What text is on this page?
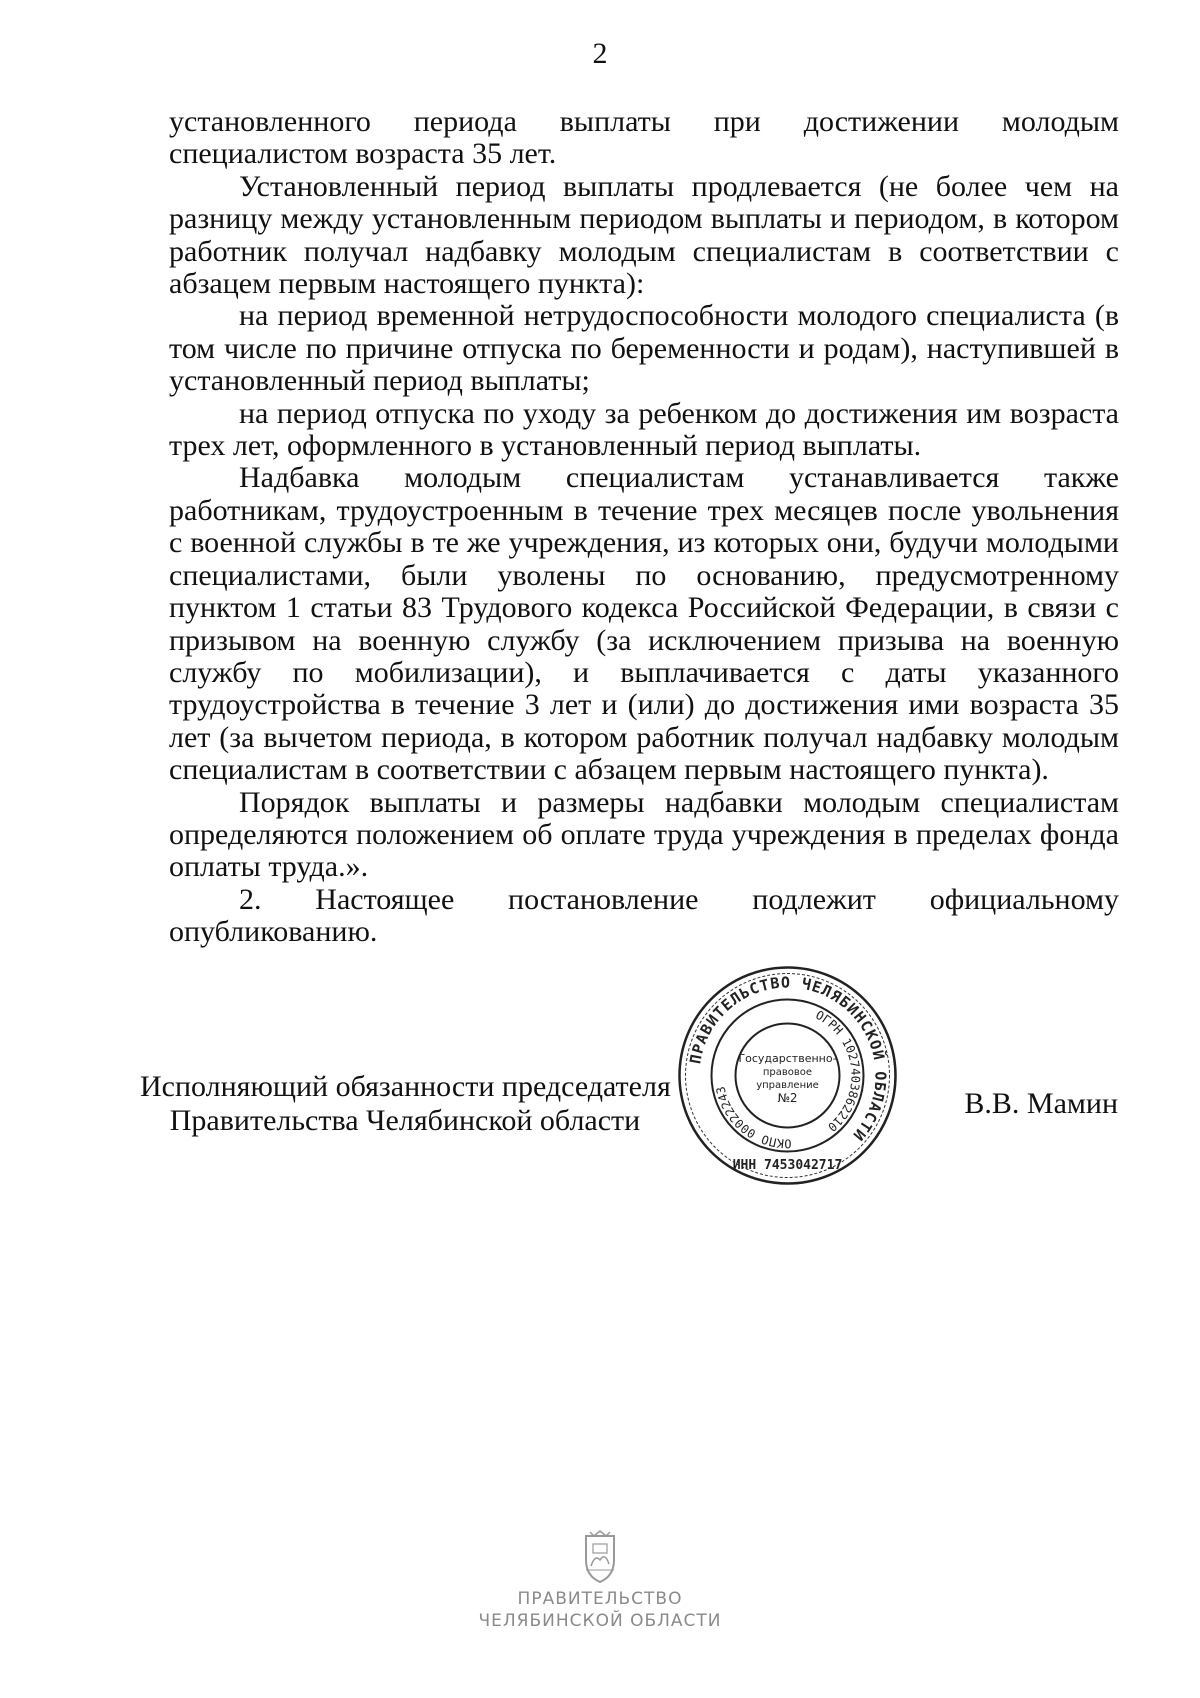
2

установленного периода выплаты при достижении молодым специалистом возраста 35 лет.

Установленный период выплаты продлевается (не более чем на разницу между установленным периодом выплаты и периодом, в котором работник получал надбавку молодым специалистам в соответствии с абзацем первым настоящего пункта):

на период временной нетрудоспособности молодого специалиста (в том числе по причине отпуска по беременности и родам), наступившей в установленный период выплаты;

на период отпуска по уходу за ребенком до достижения им возраста трех лет, оформленного в установленный период выплаты.

Надбавка молодым специалистам устанавливается также работникам, трудоустроенным в течение трех месяцев после увольнения с военной службы в те же учреждения, из которых они, будучи молодыми специалистами, были уволены по основанию, предусмотренному пунктом 1 статьи 83 Трудового кодекса Российской Федерации, в связи с призывом на военную службу (за исключением призыва на военную службу по мобилизации), и выплачивается с даты указанного трудоустройства в течение 3 лет и (или) до достижения ими возраста 35 лет (за вычетом периода, в котором работник получал надбавку молодым специалистам в соответствии с абзацем первым настоящего пункта).

Порядок выплаты и размеры надбавки молодым специалистам определяются положением об оплате труда учреждения в пределах фонда оплаты труда.».

2. Настоящее постановление подлежит официальному опубликованию.

Исполняющий обязанности председателя
Правительства Челябинской области
В.В. Мамин
ПРАВИТЕЛЬСТВО ЧЕЛЯБИНСКОЙ ОБЛАСТИ
ОГРН 1027403862210
ОКПО 00022243
ИНН 7453042717
Государственно-
правовое
управление
№2
ПРАВИТЕЛЬСТВО
ЧЕЛЯБИНСКОЙ ОБЛАСТИ
